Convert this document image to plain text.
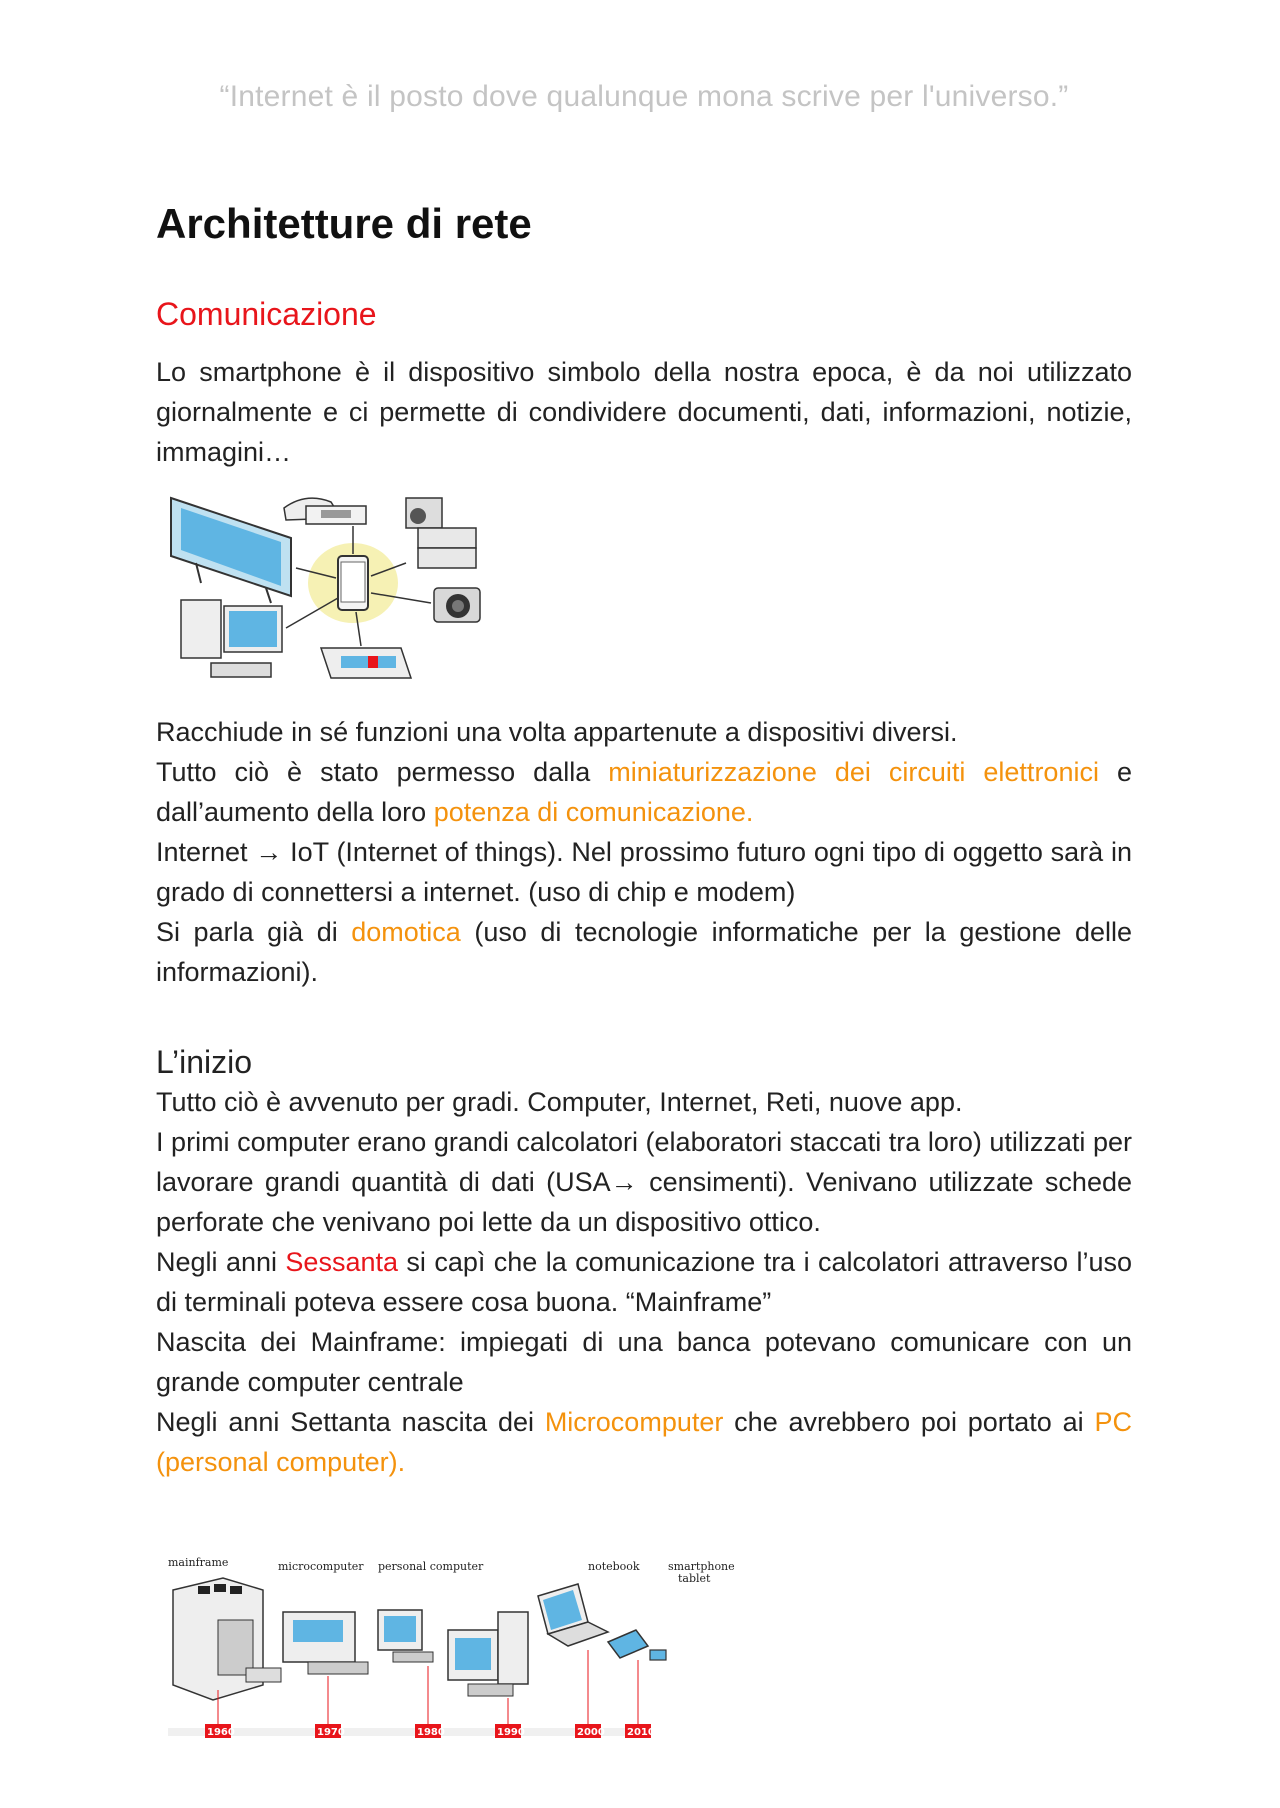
“Internet è il posto dove qualunque mona scrive per l'universo.”
Architetture di rete
Comunicazione

Lo smartphone è il dispositivo simbolo della nostra epoca, è da noi utilizzato giornalmente e ci permette di condividere documenti, dati, informazioni, notizie, immagini…

Racchiude in sé funzioni una volta appartenute a dispositivi diversi.

Tutto ciò è stato permesso dalla miniaturizzazione dei circuiti elettronici e dall’aumento della loro potenza di comunicazione.

Internet → IoT (Internet of things). Nel prossimo futuro ogni tipo di oggetto sarà in grado di connettersi a internet. (uso di chip e modem)

Si parla già di domotica (uso di tecnologie informatiche per la gestione delle informazioni).

L’inizio

Tutto ciò è avvenuto per gradi. Computer, Internet, Reti, nuove app.

I primi computer erano grandi calcolatori (elaboratori staccati tra loro) utilizzati per lavorare grandi quantità di dati (USA→ censimenti). Venivano utilizzate schede perforate che venivano poi lette da un dispositivo ottico.

Negli anni Sessanta si capì che la comunicazione tra i calcolatori attraverso l’uso di terminali poteva essere cosa buona. “Mainframe”

Nascita dei Mainframe: impiegati di una banca potevano comunicare con un grande computer centrale

Negli anni Settanta nascita dei Microcomputer che avrebbero poi portato ai PC (personal computer).

mainframe	microcomputer personal computer	notebook	smartphone
tablet
1960	1970	1980	1990	2000 2010
